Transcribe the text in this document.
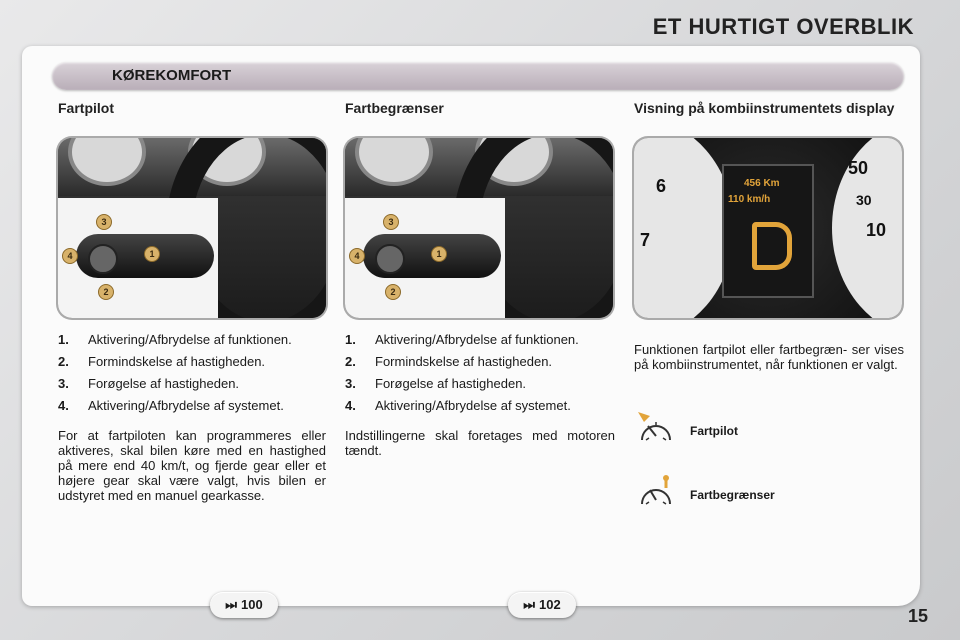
ET HURTIGT OVERBLIK
KØREKOMFORT
Fartpilot
3
1
2
4
1.	Aktivering/Afbrydelse af funktionen.
2.	Formindskelse af hastigheden.
3.	Forøgelse af hastigheden.
4.	Aktivering/Afbrydelse af systemet.
For at fartpiloten kan programmeres eller aktiveres, skal bilen køre med en hastighed på mere end 40 km/t, og fjerde gear eller et højere gear skal være valgt, hvis bilen er udstyret med en manuel gearkasse.
Fartbegrænser
3
1
2
4
1.	Aktivering/Afbrydelse af funktionen.
2.	Formindskelse af hastigheden.
3.	Forøgelse af hastigheden.
4.	Aktivering/Afbrydelse af systemet.
Indstillingerne skal foretages med motoren tændt.
Visning på kombiinstrumentets display
6
7
50
30
10
456 Km
110 km/h
Funktionen fartpilot eller fartbegræn- ser vises på kombiinstrumentet, når funktionen er valgt.
Fartpilot
Fartbegrænser
⏭ 100	⏭ 102
15
